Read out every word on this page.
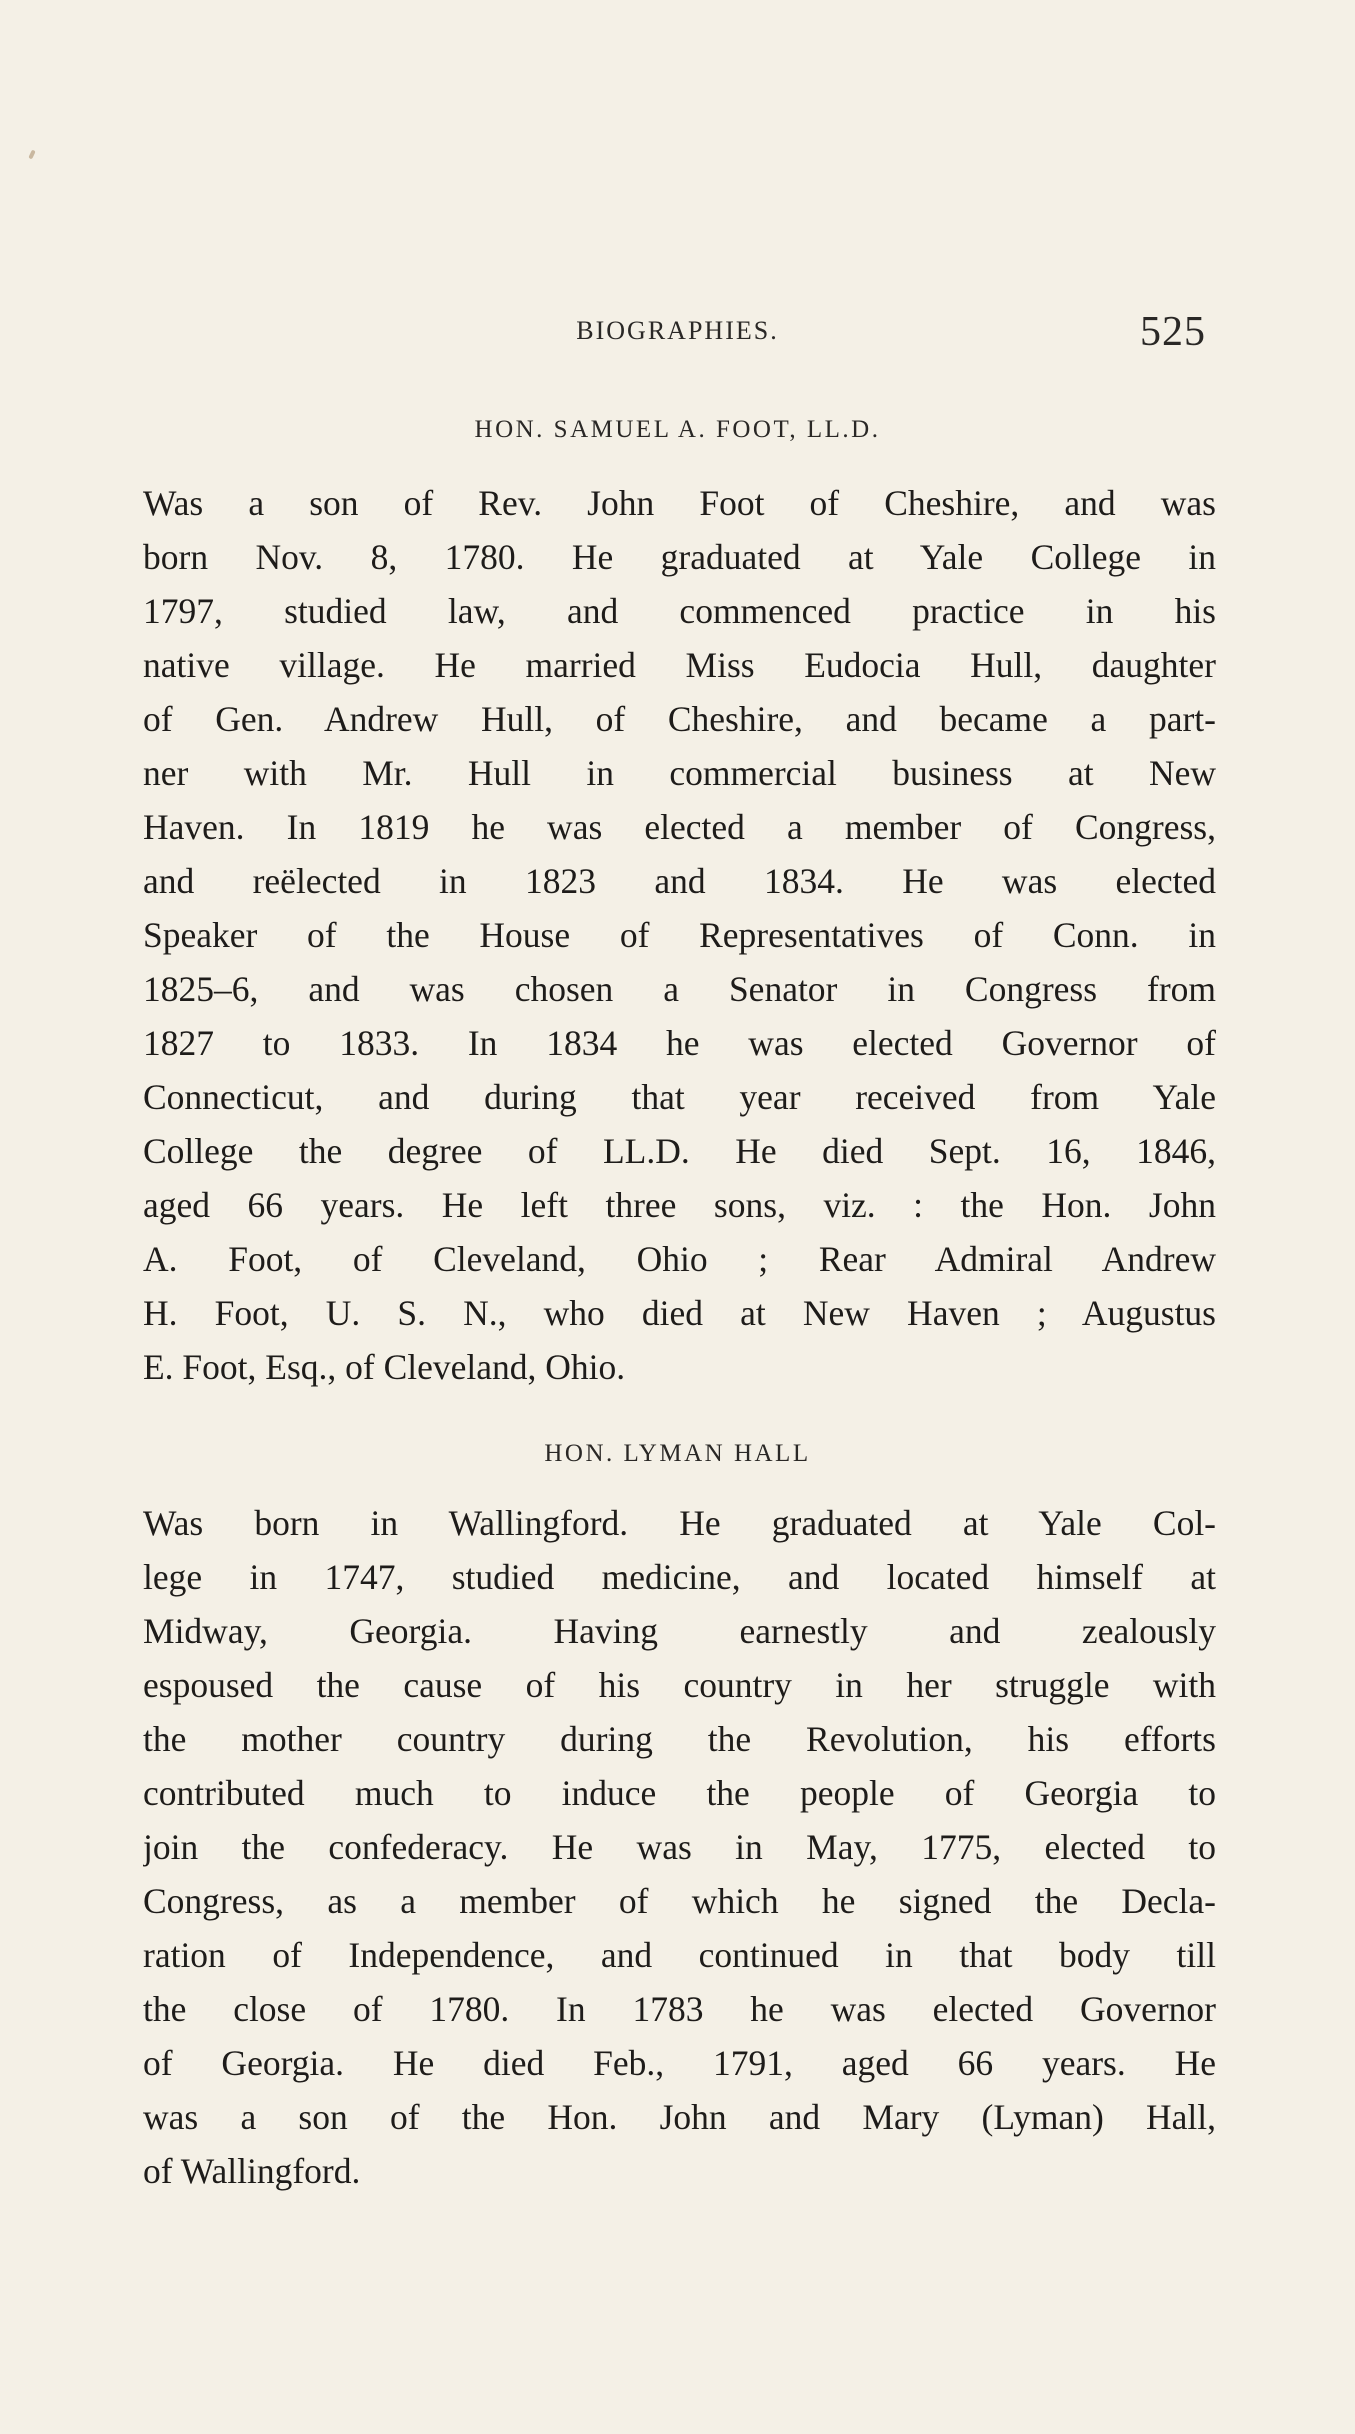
BIOGRAPHIES.	525
HON. SAMUEL A. FOOT, LL.D.
Was a son of Rev. John Foot of Cheshire, and was
born Nov. 8, 1780. He graduated at Yale College in
1797, studied law, and commenced practice in his
native village. He married Miss Eudocia Hull, daughter
of Gen. Andrew Hull, of Cheshire, and became a part-
ner with Mr. Hull in commercial business at New
Haven. In 1819 he was elected a member of Congress,
and reëlected in 1823 and 1834. He was elected
Speaker of the House of Representatives of Conn. in
1825–6, and was chosen a Senator in Congress from
1827 to 1833. In 1834 he was elected Governor of
Connecticut, and during that year received from Yale
College the degree of LL.D. He died Sept. 16, 1846,
aged 66 years. He left three sons, viz. : the Hon. John
A. Foot, of Cleveland, Ohio ; Rear Admiral Andrew
H. Foot, U. S. N., who died at New Haven ; Augustus
E. Foot, Esq., of Cleveland, Ohio.
HON. LYMAN HALL
Was born in Wallingford. He graduated at Yale Col-
lege in 1747, studied medicine, and located himself at
Midway, Georgia. Having earnestly and zealously
espoused the cause of his country in her struggle with
the mother country during the Revolution, his efforts
contributed much to induce the people of Georgia to
join the confederacy. He was in May, 1775, elected to
Congress, as a member of which he signed the Decla-
ration of Independence, and continued in that body till
the close of 1780. In 1783 he was elected Governor
of Georgia. He died Feb., 1791, aged 66 years. He
was a son of the Hon. John and Mary (Lyman) Hall,
of Wallingford.
